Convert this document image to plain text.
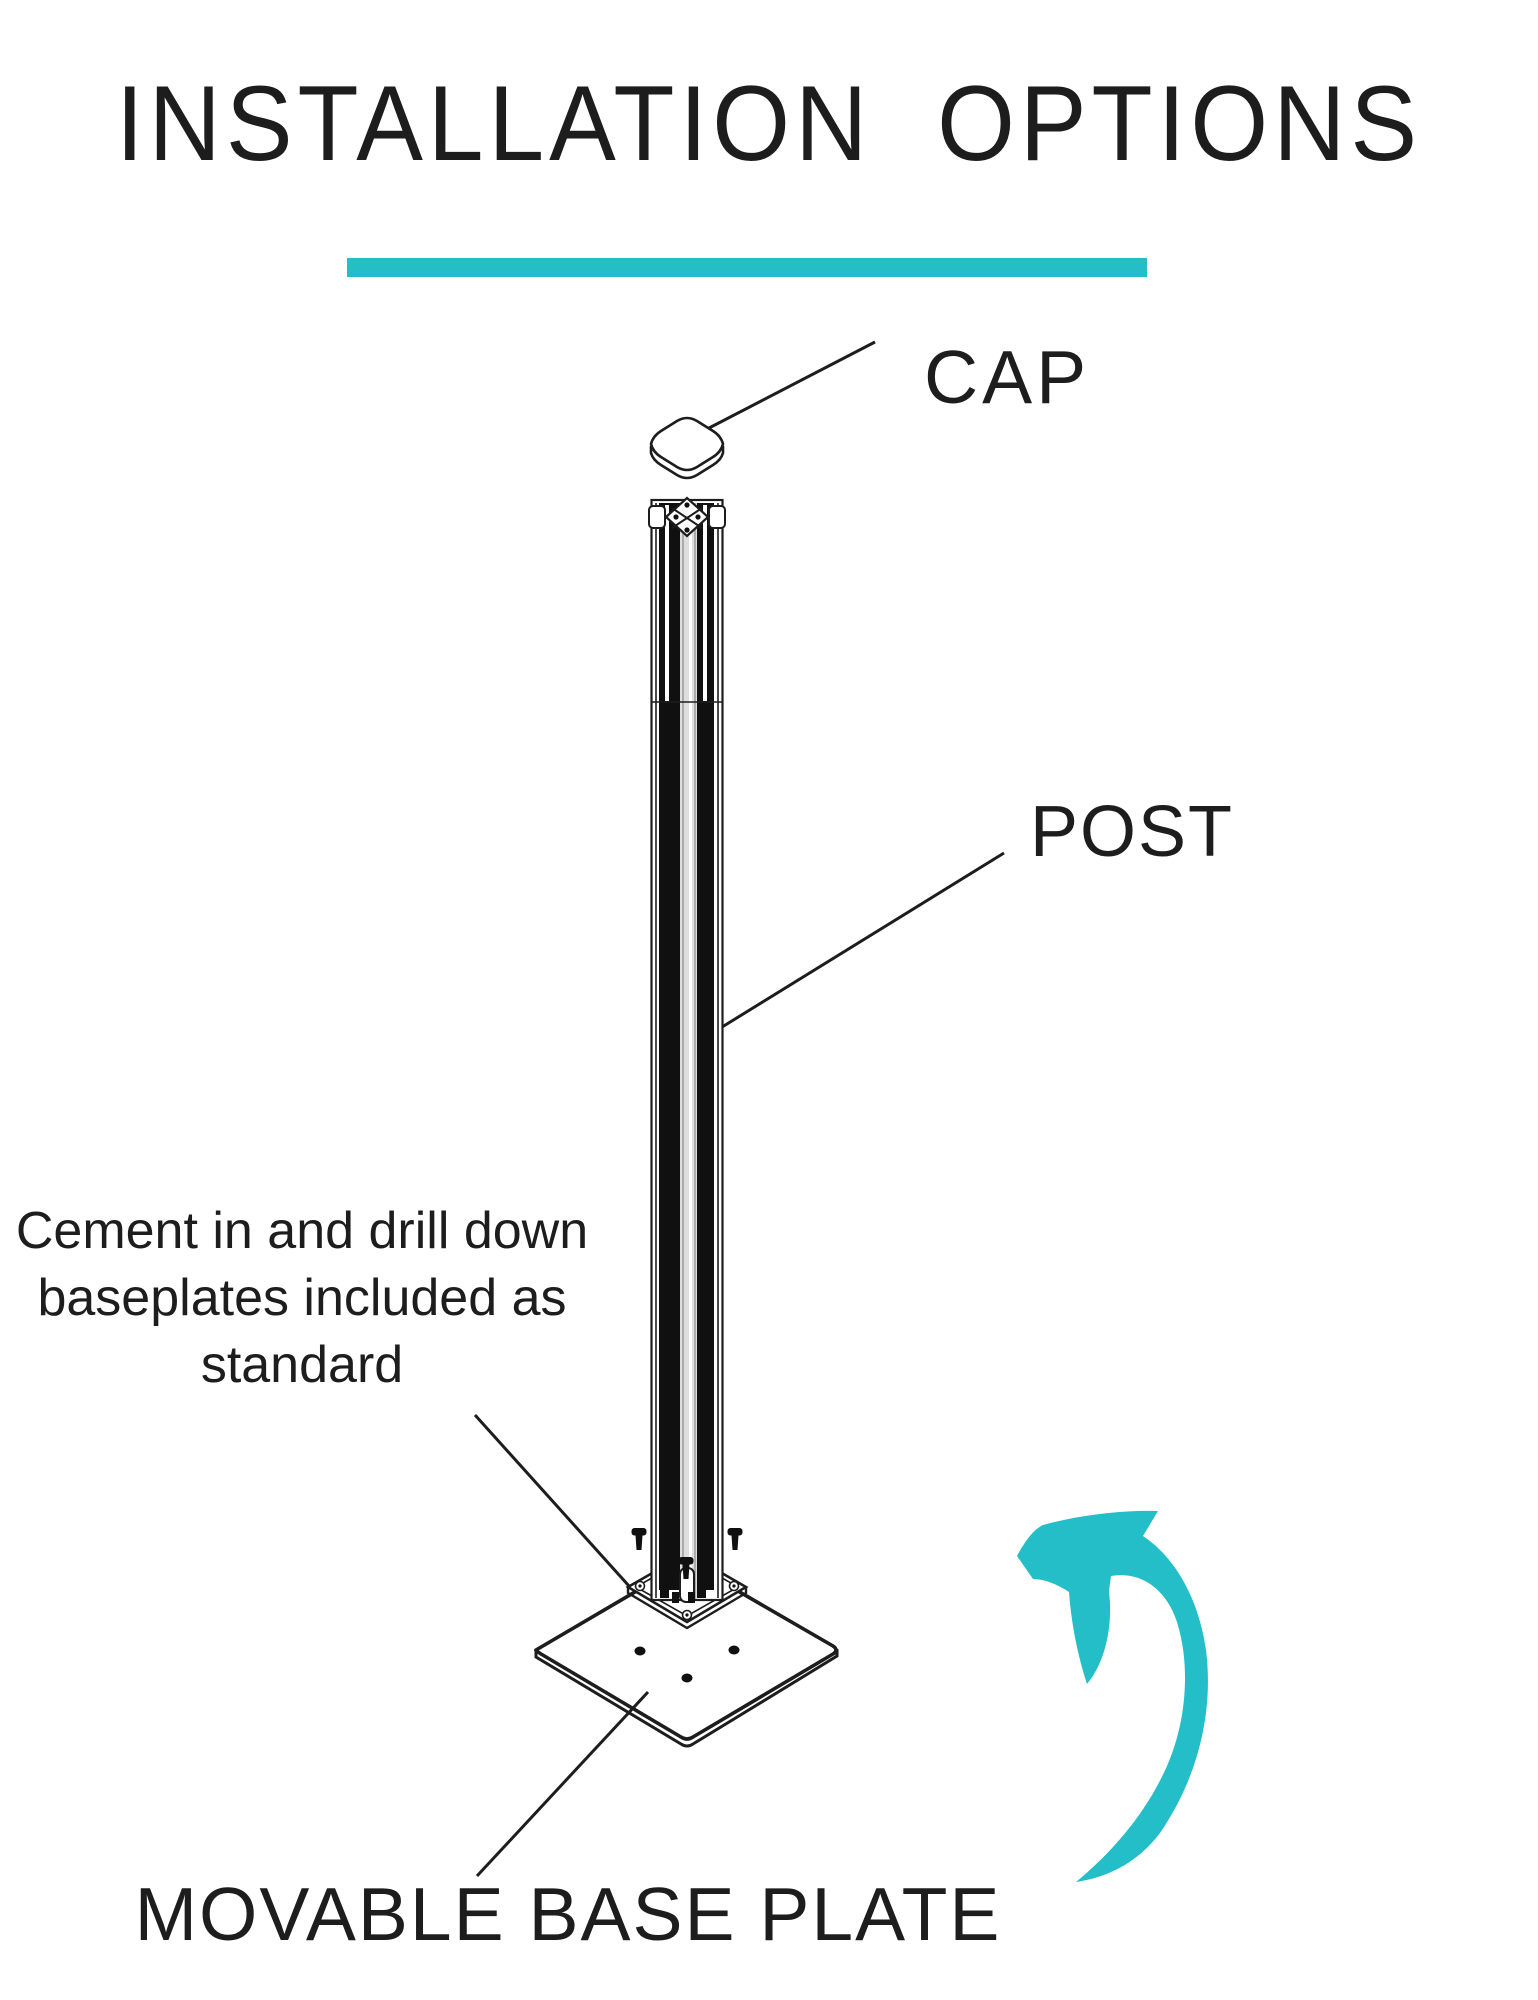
INSTALLATION OPTIONS
CAP
POST
MOVABLE BASE PLATE
Cement in and drill down
baseplates included as
standard
